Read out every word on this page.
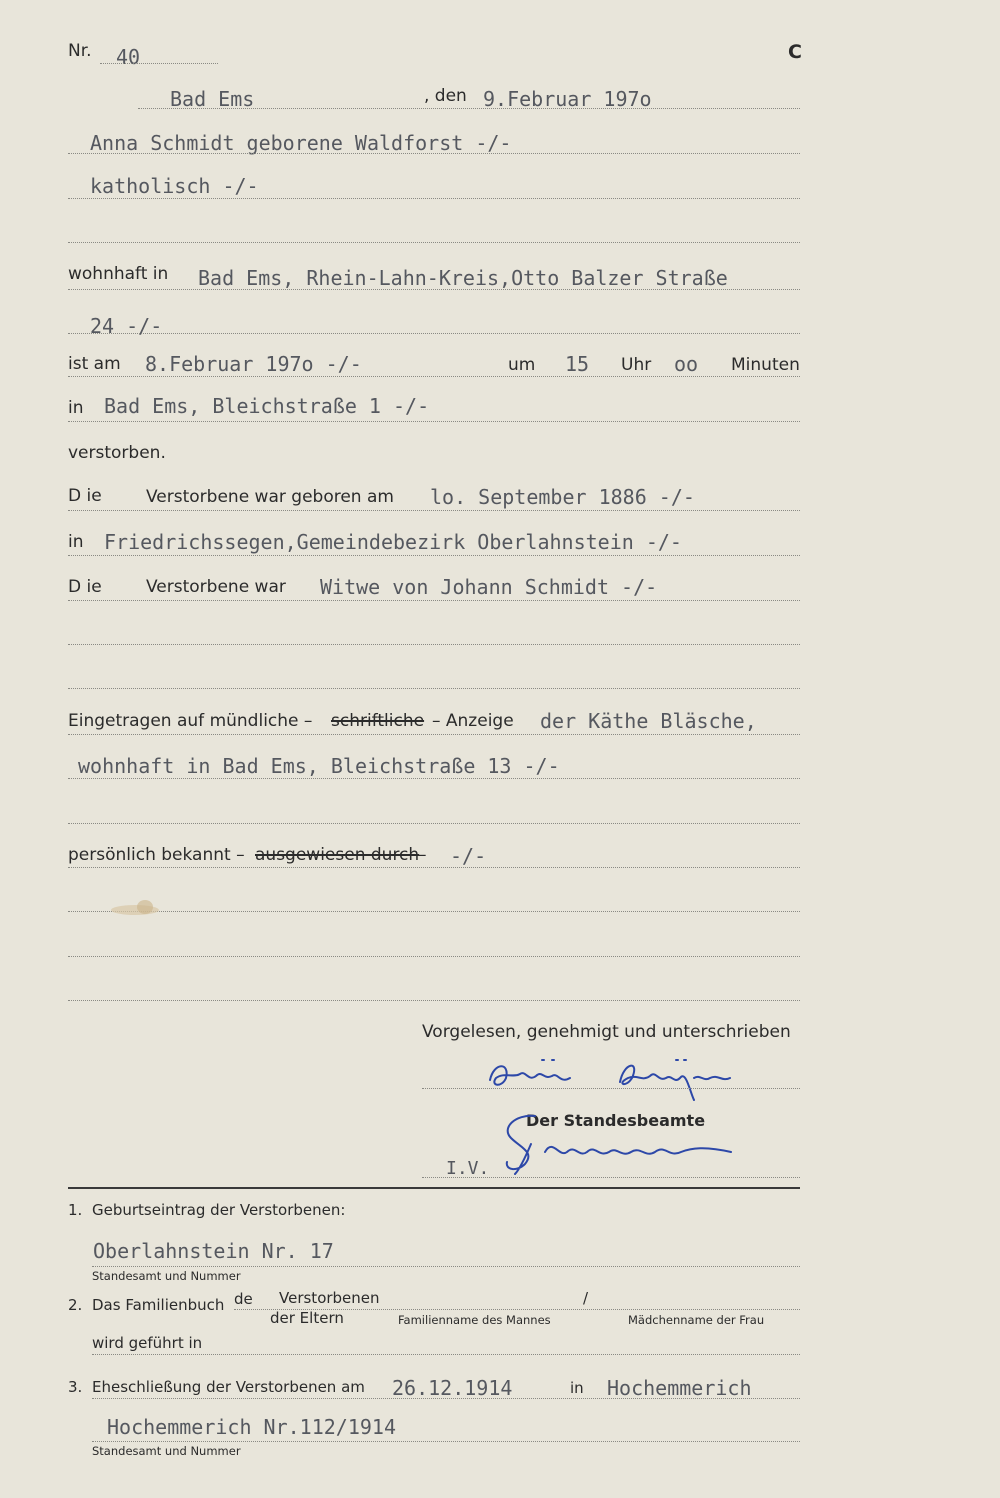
Nr. 40	C
Bad Ems	, den 9.Februar 197o
Anna Schmidt geborene Waldforst -/-
katholisch -/-
wohnhaft in Bad Ems, Rhein-Lahn-Kreis,Otto Balzer Straße
24 -/-
ist am 8.Februar 197o -/-	um 15 Uhr oo Minuten
in Bad Ems, Bleichstraße 1 -/-
verstorben.
D ie	Verstorbene war geboren am lo. September 1886 -/-
in Friedrichssegen,Gemeindebezirk Oberlahnstein -/-
D ie	Verstorbene war Witwe von Johann Schmidt -/-
Eingetragen auf mündliche – schriftliche – Anzeige der Käthe Bläsche,
wohnhaft in Bad Ems, Bleichstraße 13 -/-
persönlich bekannt – ausgewiesen durch
– -/-
Vorgelesen, genehmigt und unterschrieben
Der Standesbeamte
I.V.
1. Geburtseintrag der Verstorbenen:
Oberlahnstein Nr. 17
Standesamt und Nummer
2. Das Familienbuch de Verstorbenen
der Eltern
/
Familienname des Mannes	Mädchenname der Frau
wird geführt in
3. Eheschließung der Verstorbenen am 26.12.1914	in Hochemmerich
Hochemmerich Nr.112/1914
Standesamt und Nummer
